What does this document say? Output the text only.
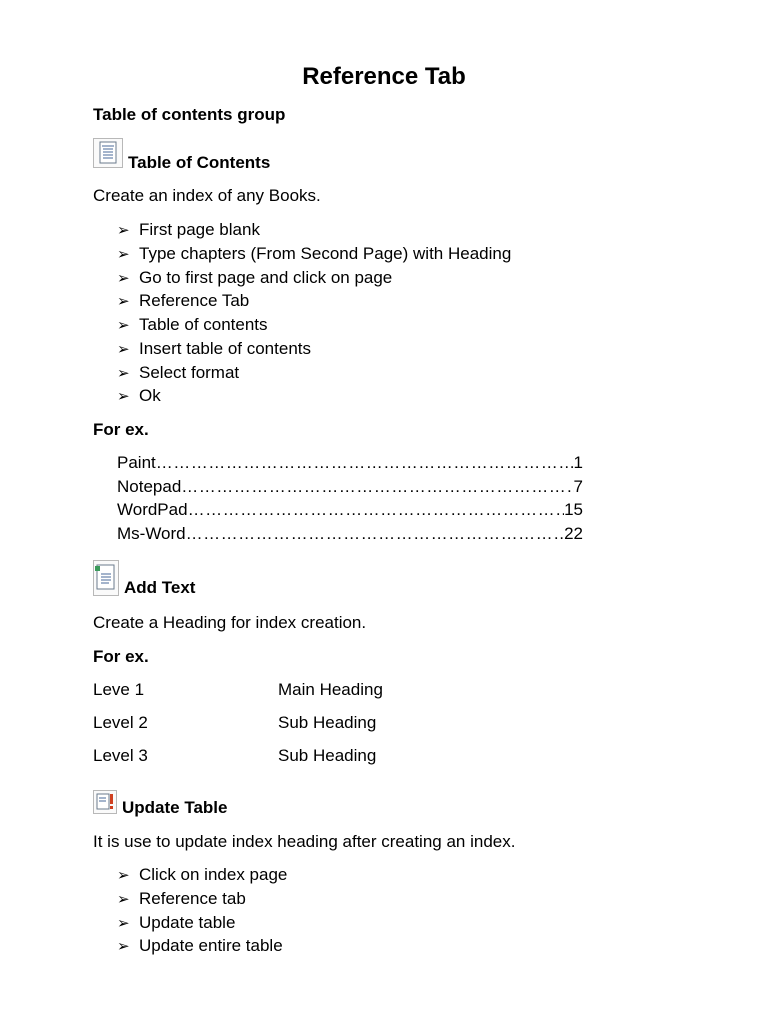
Reference Tab
Table of contents group
Table of Contents
Create an index of any Books.
➢ First page blank
➢ Type chapters (From Second Page) with Heading
➢ Go to first page and click on page
➢ Reference Tab
➢ Table of contents
➢ Insert table of contents
➢ Select format
➢ Ok
For ex.
Paint …………………………………………………………………………………………………………………………………………………………	1
Notepad …………………………………………………………………………………………………………………………………………………………	7
WordPad …………………………………………………………………………………………………………………………………………………………	15
Ms-Word …………………………………………………………………………………………………………………………………………………………	22
Add Text
Create a Heading for index creation.
For ex.
Leve 1	Main Heading
Level 2	Sub Heading
Level 3	Sub Heading
Update Table
It is use to update index heading after creating an index.
➢ Click on index page
➢ Reference tab
➢ Update table
➢ Update entire table
